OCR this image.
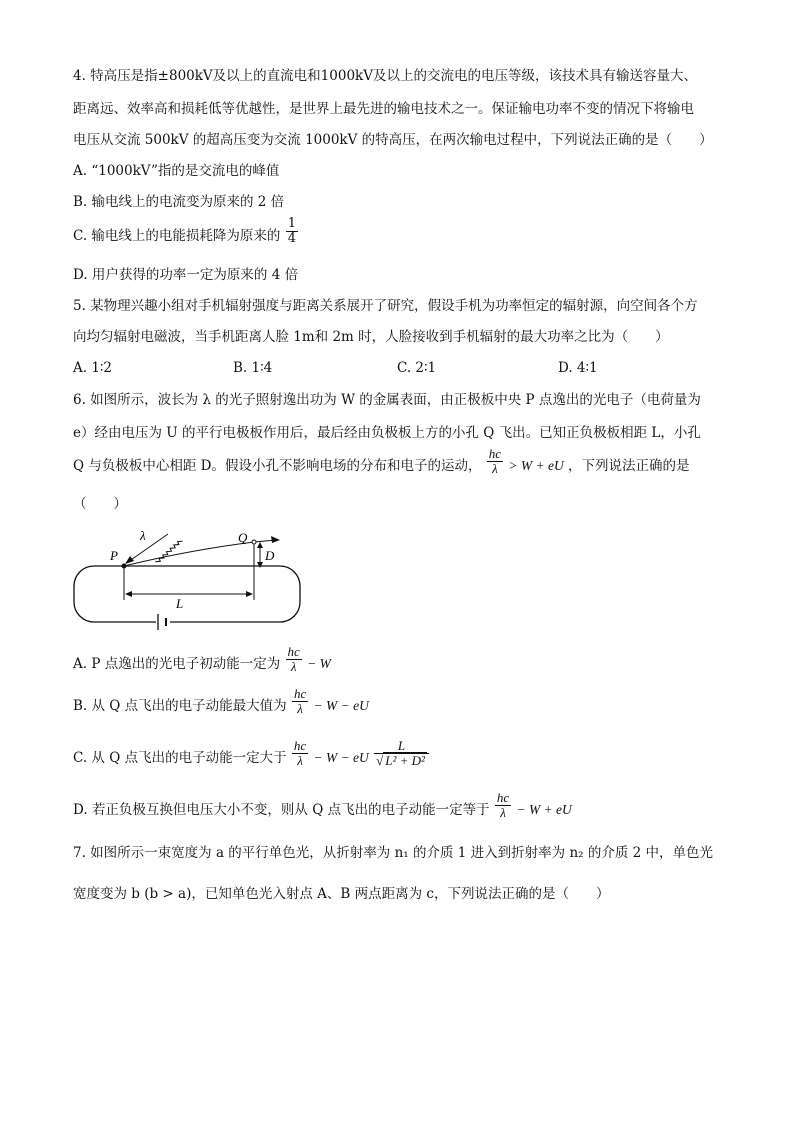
4. 特高压是指±800kV及以上的直流电和1000kV及以上的交流电的电压等级，该技术具有输送容量大、
距离远、效率高和损耗低等优越性，是世界上最先进的输电技术之一。保证输电功率不变的情况下将输电
电压从交流 500kV 的超高压变为交流 1000kV 的特高压，在两次输电过程中，下列说法正确的是（　　）
A. “1000kV”指的是交流电的峰值
B. 输电线上的电流变为原来的 2 倍
C. 输电线上的电能损耗降为原来的 $\frac{1}{4}$
D. 用户获得的功率一定为原来的 4 倍
5. 某物理兴趣小组对手机辐射强度与距离关系展开了研究，假设手机为功率恒定的辐射源，向空间各个方
向均匀辐射电磁波，当手机距离人脸 1m和 2m 时，人脸接收到手机辐射的最大功率之比为（　　）
A. 1∶2	B. 1∶4	C. 2∶1	D. 4∶1
6. 如图所示，波长为 λ 的光子照射逸出功为 W 的金属表面，由正极板中央 P 点逸出的光电子（电荷量为
e）经由电压为 U 的平行电极板作用后，最后经由负极板上方的小孔 Q 飞出。已知正负极板相距 L，小孔
Q 与负极板中心相距 D。假设小孔不影响电场的分布和电子的运动， $\frac{hc}{\lambda} > W$ + eU ，下列说法正确的是
（　　）
λ
P
Q
D
L
A. P 点逸出的光电子初动能一定为 $\frac{hc}{\lambda} - W$
B. 从 Q 点飞出的电子动能最大值为 $\frac{hc}{\lambda} - W$ − eU
C. 从 Q 点飞出的电子动能一定大于 $\frac{hc}{\lambda} - W$ − eU $\frac{L}{\text{√ L² + D²}}$
D. 若正负极互换但电压大小不变，则从 Q 点飞出的电子动能一定等于 $\frac{hc}{\lambda} - W$ + eU
7. 如图所示一束宽度为 a 的平行单色光，从折射率为 n₁ 的介质 1 进入到折射率为 n₂ 的介质 2 中，单色光
宽度变为 b (b > a)，已知单色光入射点 A、B 两点距离为 c，下列说法正确的是（　　）
